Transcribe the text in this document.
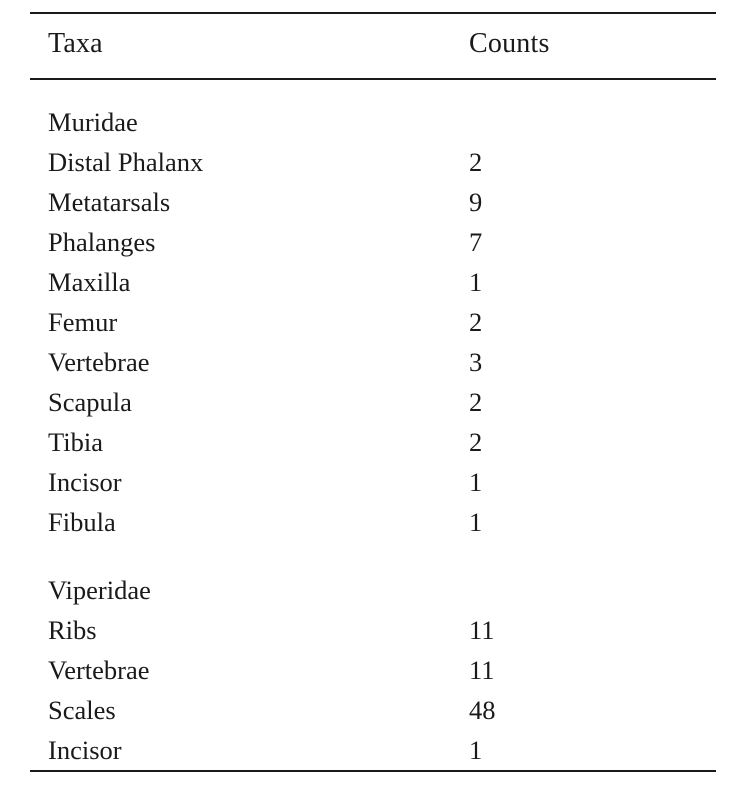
Taxa	Counts
Muridae	
Distal Phalanx	2
Metatarsals	9
Phalanges	7
Maxilla	1
Femur	2
Vertebrae	3
Scapula	2
Tibia	2
Incisor	1
Fibula	1

Viperidae	
Ribs	11
Vertebrae	11
Scales	48
Incisor	1
